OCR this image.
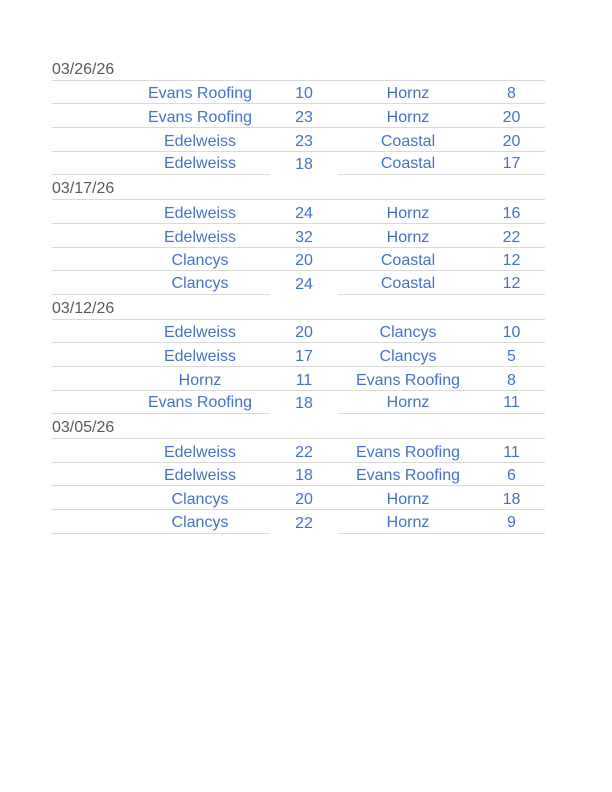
03/26/26
Evans Roofing	10	Hornz	8
Evans Roofing	23	Hornz	20
Edelweiss	23	Coastal	20
Edelweiss	18	Coastal	17
03/17/26
Edelweiss	24	Hornz	16
Edelweiss	32	Hornz	22
Clancys	20	Coastal	12
Clancys	24	Coastal	12
03/12/26
Edelweiss	20	Clancys	10
Edelweiss	17	Clancys	5
Hornz	11	Evans Roofing	8
Evans Roofing	18	Hornz	11
03/05/26
Edelweiss	22	Evans Roofing	11
Edelweiss	18	Evans Roofing	6
Clancys	20	Hornz	18
Clancys	22	Hornz	9
